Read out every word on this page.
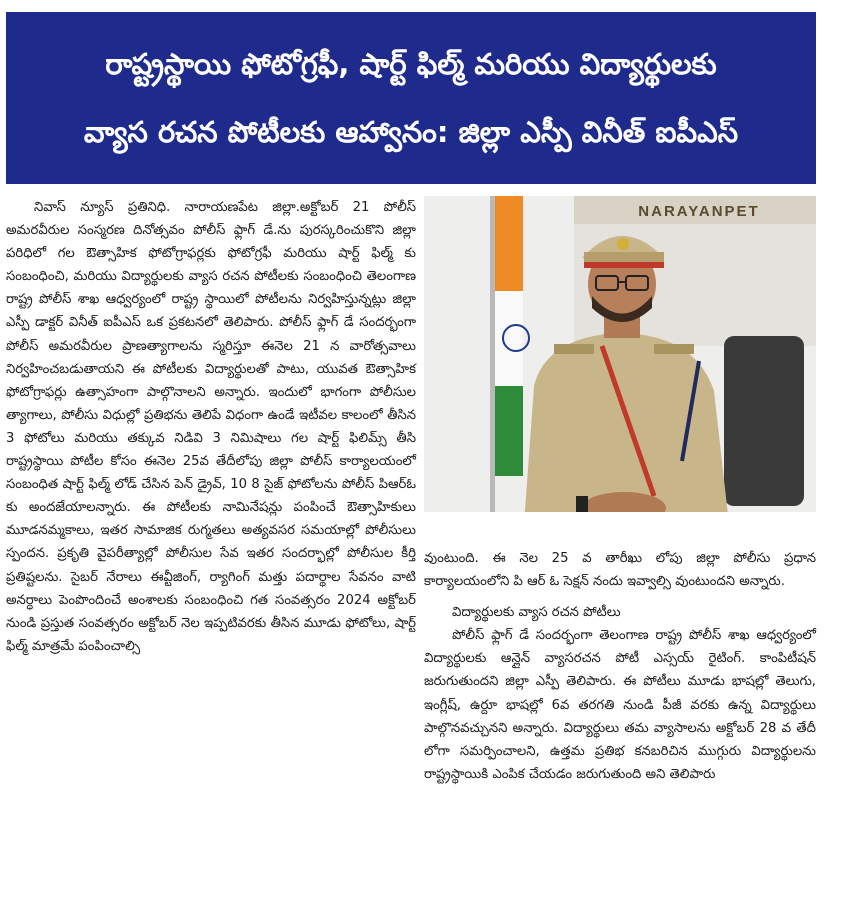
రాష్ట్రస్థాయి ఫోటోగ్రఫీ, షార్ట్ ఫిల్మ్ మరియు విద్యార్థులకు
వ్యాస రచన పోటీలకు ఆహ్వానం: జిల్లా ఎస్పీ వినీత్ ఐపీఎస్

నివాస్ న్యూస్ ప్రతినిధి. నారాయణపేట జిల్లా.అక్టోబర్ 21 పోలీస్ అమరవీరుల సంస్మరణ దినోత్సవం పోలీస్ ఫ్లాగ్ డే.ను పురస్కరించుకొని జిల్లా పరిధిలో గల ఔత్సాహిక ఫోటోగ్రాఫర్లకు ఫోటోగ్రఫీ మరియు షార్ట్ ఫిల్మ్ కు సంబంధించి, మరియు విద్యార్థులకు వ్యాస రచన పోటీలకు సంబంధించి తెలంగాణ రాష్ట్ర పోలీస్ శాఖ ఆధ్వర్యంలో రాష్ట్ర స్థాయిలో పోటీలను నిర్వహిస్తున్నట్లు జిల్లా ఎస్పీ డాక్టర్ వినీత్ ఐపీఎస్ ఒక ప్రకటనలో తెలిపారు. పోలీస్ ఫ్లాగ్ డే సందర్భంగా పోలీస్ అమరవీరుల ప్రాణత్యాగాలను స్మరిస్తూ ఈనెల 21 న వారోత్సవాలు నిర్వహించబడుతాయని ఈ పోటీలకు విద్యార్థులతో పాటు, యువత ఔత్సాహిక ఫోటోగ్రాఫర్లు ఉత్సాహంగా పాల్గొనాలని అన్నారు. ఇందులో భాగంగా పోలీసుల త్యాగాలు, పోలీసు విధుల్లో ప్రతిభను తెలిపే విధంగా ఉండే ఇటీవల కాలంలో తీసిన 3 ఫోటోలు మరియు తక్కువ నిడివి 3 నిమిషాలు గల షార్ట్ ఫిలిమ్స్ తీసి రాష్ట్రస్థాయి పోటీల కోసం ఈనెల 25వ తేదీలోపు జిల్లా పోలీస్ కార్యాలయంలో సంబంధిత షార్ట్ ఫిల్మ్ లోడ్ చేసిన పెన్ డ్రైవ్, 10 8 సైజ్ ఫోటోలను పోలీస్ పిఆర్ఓ కు అందజేయాలన్నారు. ఈ పోటీలకు నామినేషన్లు పంపించే ఔత్సాహికులు మూడనమ్మకాలు, ఇతర సామాజిక రుగ్మతలు అత్యవసర సమయాల్లో పోలీసులు స్పందన. ప్రకృతి వైపరీత్యాల్లో పోలీసుల సేవ ఇతర సందర్భాల్లో పోలీసుల కీర్తి ప్రతిష్టలను. సైబర్ నేరాలు ఈవ్టీజింగ్, ర్యాగింగ్ మత్తు పదార్థాల సేవనం వాటి అనర్ధాలు పెంపొందించే అంశాలకు సంబంధించి గత సంవత్సరం 2024 అక్టోబర్ నుండి ప్రస్తుత సంవత్సరం అక్టోబర్ నెల ఇప్పటివరకు తీసిన మూడు ఫోటోలు, షార్ట్ ఫిల్మ్ మాత్రమే పంపించాల్సి

NARAYANPET

వుంటుంది. ఈ నెల 25 వ తారీఖు లోపు జిల్లా పోలీసు ప్రధాన కార్యాలయంలోని పి ఆర్ ఓ సెక్షన్ నందు ఇవ్వాల్సి వుంటుందని అన్నారు.

విద్యార్థులకు వ్యాస రచన పోటీలు

పోలీస్ ఫ్లాగ్ డే సందర్భంగా తెలంగాణ రాష్ట్ర పోలీస్ శాఖ ఆధ్వర్యంలో విద్యార్థులకు ఆన్లైన్ వ్యాసరచన పోటీ ఎస్సయ్ రైటింగ్. కాంపిటీషన్ జరుగుతుందని జిల్లా ఎస్పీ తెలిపారు. ఈ పోటీలు మూడు భాషల్లో తెలుగు, ఇంగ్లీష్, ఉర్దూ భాషల్లో 6వ తరగతి నుండి పీజీ వరకు ఉన్న విద్యార్థులు పాల్గొనవచ్చునని అన్నారు. విద్యార్థులు తమ వ్యాసాలను అక్టోబర్ 28 వ తేదీ లోగా సమర్పించాలని, ఉత్తమ ప్రతిభ కనబరిచిన ముగ్గురు విద్యార్థులను రాష్ట్రస్థాయికి ఎంపిక చేయడం జరుగుతుంది అని తెలిపారు
